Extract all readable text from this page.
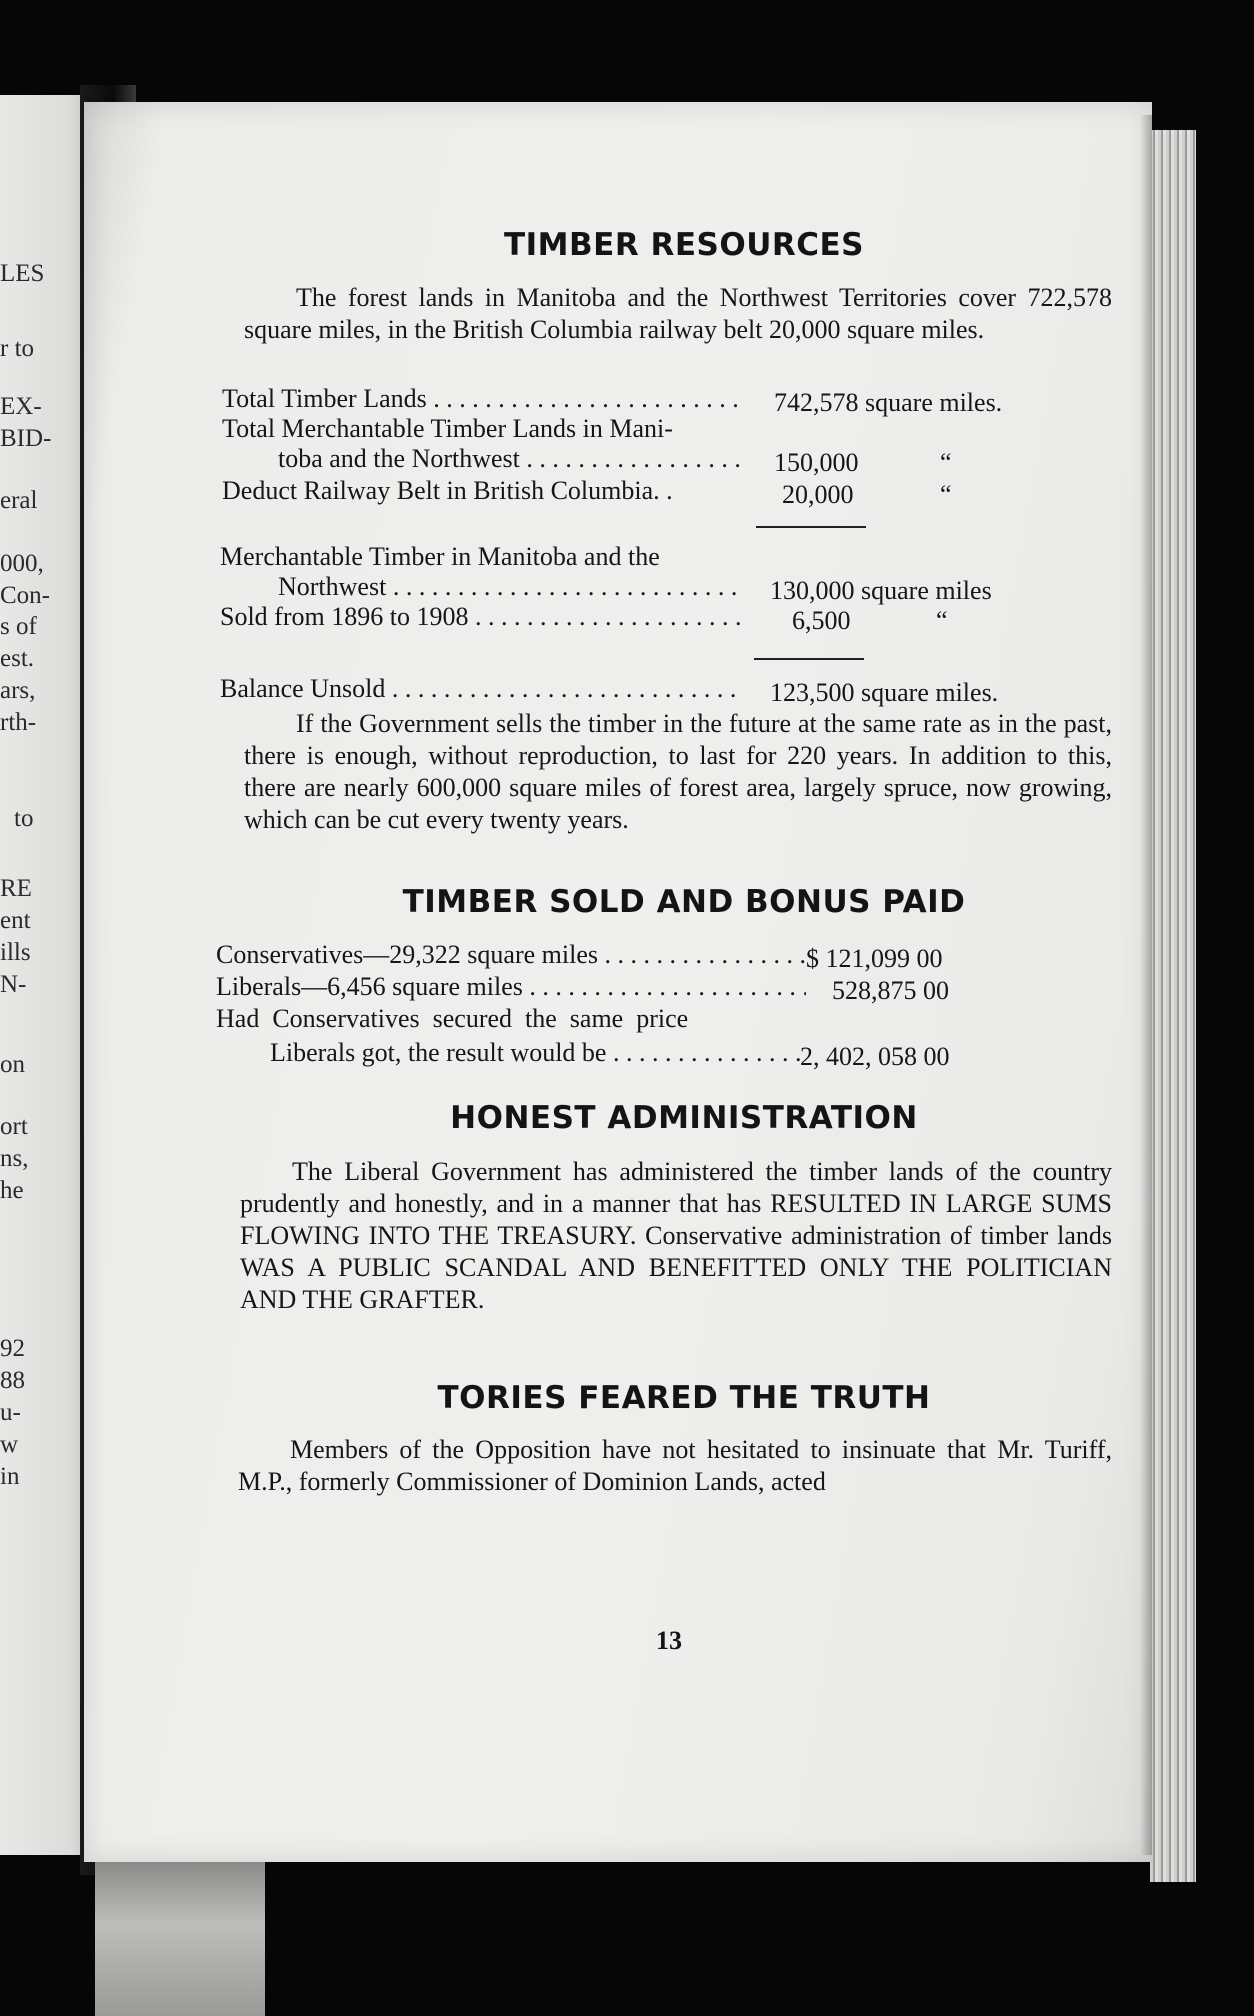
LES
r to
EX-
BID-
eral
000,
Con-
s of
est.
ars,
rth-
to
RE
ent
ills
N-
on
ort
ns,
he
92
88
u-
w
in
TIMBER RESOURCES

The forest lands in Manitoba and the Northwest Territories cover 722,578 square miles, in the British Columbia railway belt 20,000 square miles.

Total Timber Lands . . .	742,578 square miles.
Total Merchantable Timber Lands in Mani-
toba and the Northwest . . .	150,000	“
Deduct Railway Belt in British Columbia. .	20,000	“
Merchantable Timber in Manitoba and the
Northwest . . .	130,000 square miles
Sold from 1896 to 1908 . . .	6,500	“
Balance Unsold . . .	123,500 square miles.

If the Government sells the timber in the future at the same rate as in the past, there is enough, without reproduction, to last for 220 years. In addition to this, there are nearly 600,000 square miles of forest area, largely spruce, now growing, which can be cut every twenty years.

TIMBER SOLD AND BONUS PAID
Conservatives—29,322 square miles . . .	$ 121,099 00
Liberals—6,456 square miles . . .	528,875 00
Had  Conservatives  secured  the  same  price
Liberals got, the result would be . . .	2, 402, 058 00
HONEST ADMINISTRATION

The Liberal Government has administered the timber lands of the country prudently and honestly, and in a manner that has RESULTED IN LARGE SUMS FLOWING INTO THE TREASURY. Conservative administration of timber lands WAS A PUBLIC SCANDAL AND BENEFITTED ONLY THE POLITICIAN AND THE GRAFTER.

TORIES FEARED THE TRUTH

Members of the Opposition have not hesitated to insinuate that Mr. Turiff, M.P., formerly Commissioner of Dominion Lands, acted

13
